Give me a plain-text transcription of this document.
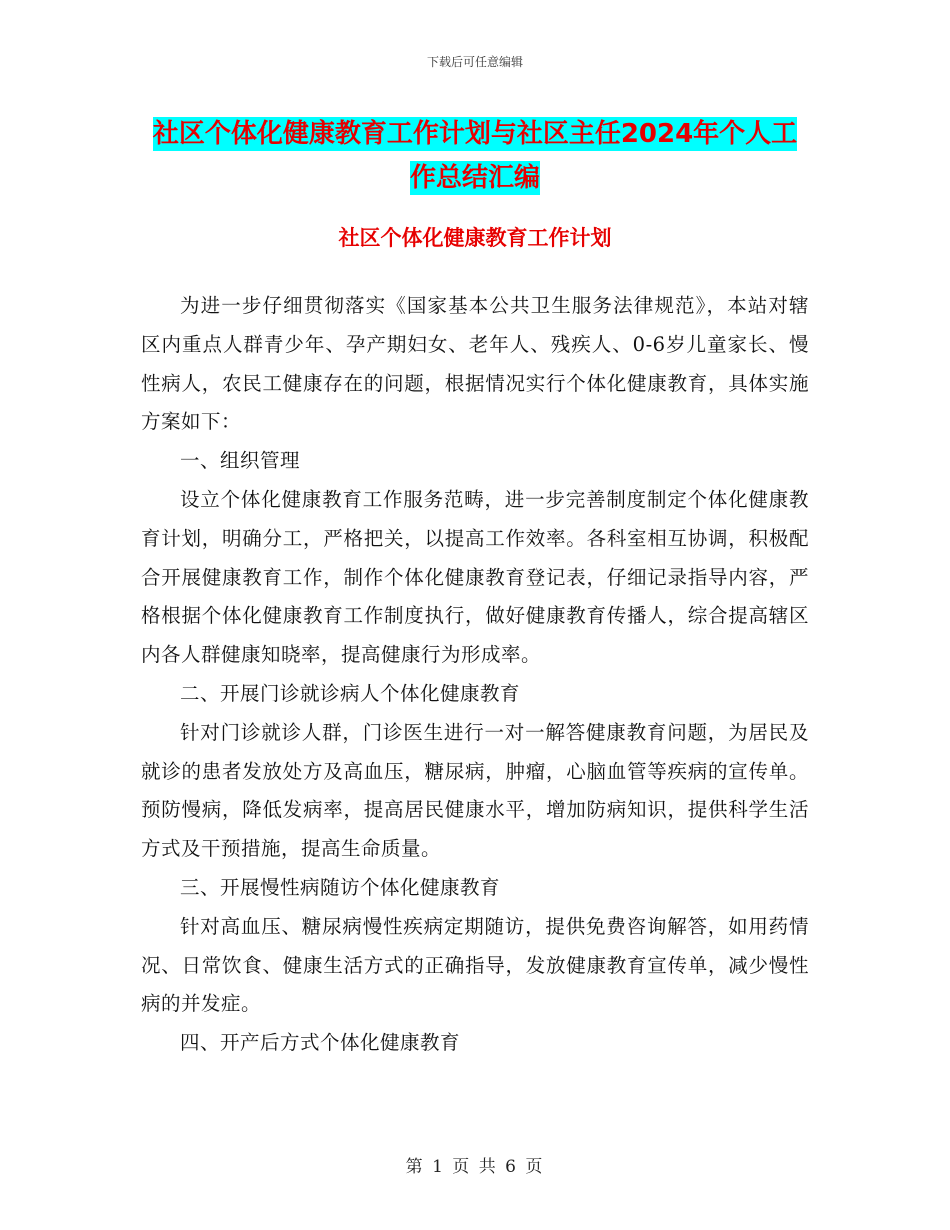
下载后可任意编辑
社区个体化健康教育工作计划与社区主任2024年个人工作总结汇编
社区个体化健康教育工作计划

为进一步仔细贯彻落实《国家基本公共卫生服务法律规范》，本站对辖区内重点人群青少年、孕产期妇女、老年人、残疾人、0-6岁儿童家长、慢性病人，农民工健康存在的问题，根据情况实行个体化健康教育，具体实施方案如下：

一、组织管理

设立个体化健康教育工作服务范畴，进一步完善制度制定个体化健康教育计划，明确分工，严格把关，以提高工作效率。各科室相互协调，积极配合开展健康教育工作，制作个体化健康教育登记表，仔细记录指导内容，严格根据个体化健康教育工作制度执行，做好健康教育传播人，综合提高辖区内各人群健康知晓率，提高健康行为形成率。

二、开展门诊就诊病人个体化健康教育

针对门诊就诊人群，门诊医生进行一对一解答健康教育问题，为居民及就诊的患者发放处方及高血压，糖尿病，肿瘤，心脑血管等疾病的宣传单。预防慢病，降低发病率，提高居民健康水平，增加防病知识，提供科学生活方式及干预措施，提高生命质量。

三、开展慢性病随访个体化健康教育

针对高血压、糖尿病慢性疾病定期随访，提供免费咨询解答，如用药情况、日常饮食、健康生活方式的正确指导，发放健康教育宣传单，减少慢性病的并发症。

四、开产后方式个体化健康教育

第 1 页 共 6 页
